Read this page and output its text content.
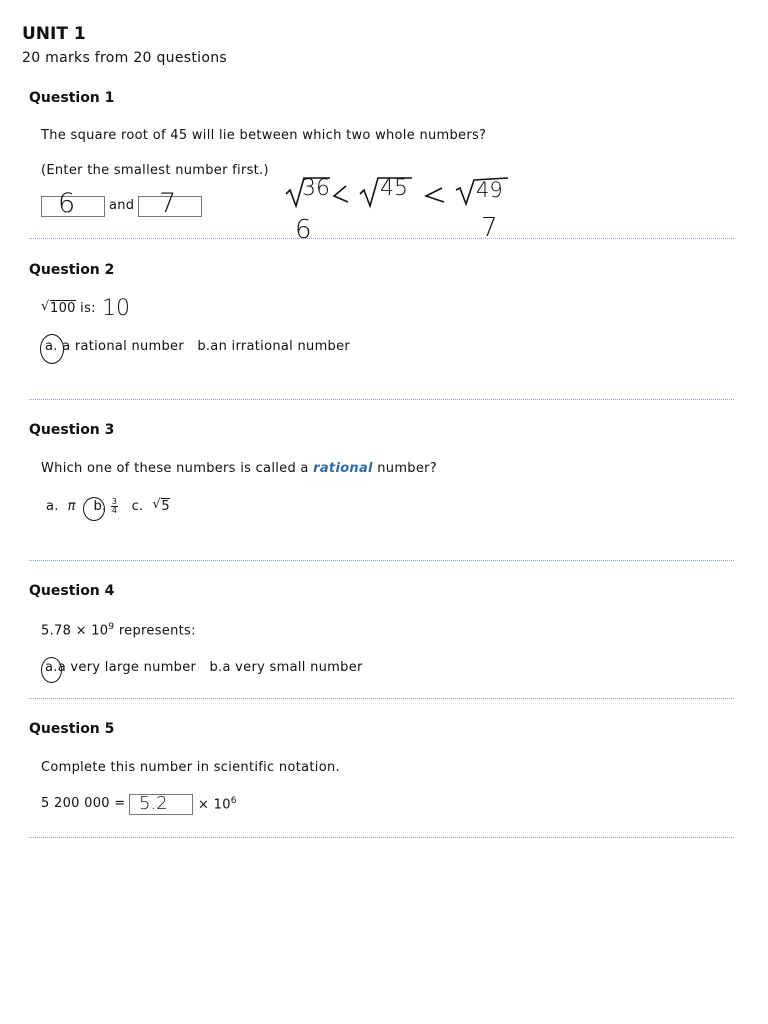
UNIT 1
20 marks from 20 questions
Question 1
The square root of 45 will lie between which two whole numbers?
(Enter the smallest number first.)
6	and 7	36 45	49
6	7
Question 2
√ 100 is: 10
a. a rational number b.an irrational number
Question 3
Which one of these numbers is called a rational number?
a. π b. $\frac{3}{4} c$. √ 5
Question 4
$5.78 \times 10^9$ represents:
a.a very large number b.a very small number
Question 5
Complete this number in scientific notation.
5 200 $000 = 5.2 \times 10^6$
